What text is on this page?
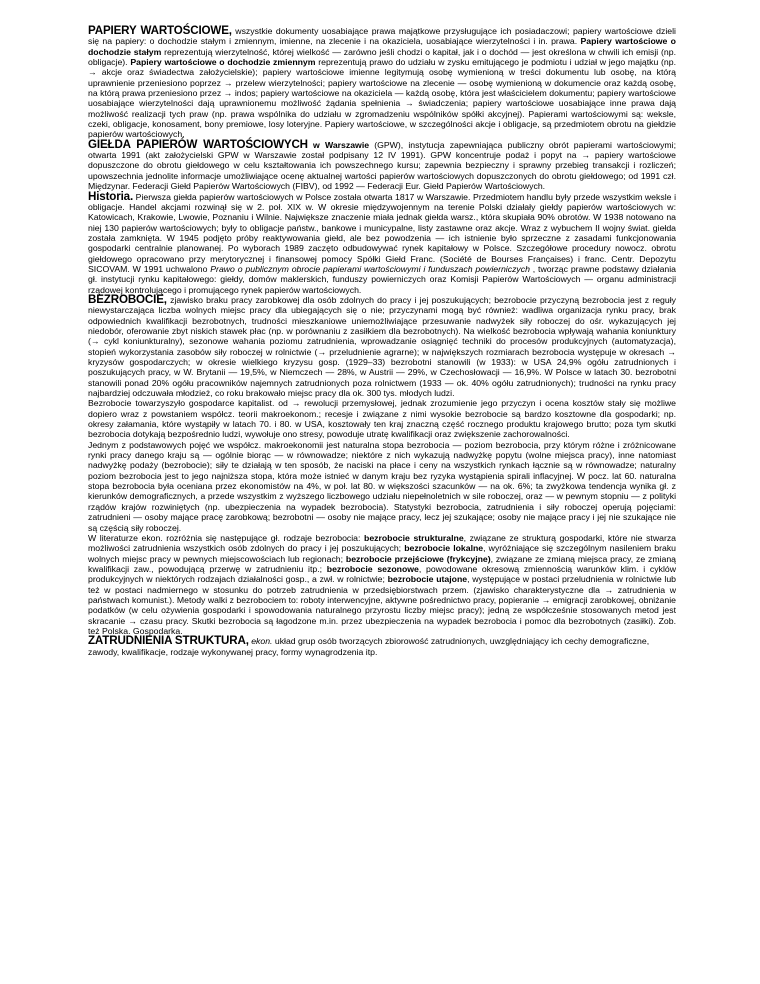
PAPIERY WARTOŚCIOWE, wszystkie dokumenty uosabiające prawa majątkowe przysługujące ich posiadaczowi; papiery wartościowe dzieli się na papiery: o dochodzie stałym i zmiennym, imienne, na zlecenie i na okaziciela, uosabiające wierzytelności i in. prawa. Papiery wartościowe o dochodzie stałym reprezentują wierzytelność, której wielkość — zarówno jeśli chodzi o kapitał, jak i o dochód — jest określona w chwili ich emisji (np. obligacje). Papiery wartościowe o dochodzie zmiennym reprezentują prawo do udziału w zysku emitującego je podmiotu i udział w jego majątku (np. → akcje oraz świadectwa założycielskie); papiery wartościowe imienne legitymują osobę wymienioną w treści dokumentu lub osobę, na którą uprawnienie przeniesiono poprzez → przelew wierzytelności; papiery wartościowe na zlecenie — osobę wymienioną w dokumencie oraz każdą osobę, na którą prawa przeniesiono przez → indos; papiery wartościowe na okaziciela — każdą osobę, która jest właścicielem dokumentu; papiery wartościowe uosabiające wierzytelności dają uprawnionemu możliwość żądania spełnienia → świadczenia; papiery wartościowe uosabiające inne prawa dają możliwość realizacji tych praw (np. prawa wspólnika do udziału w zgromadzeniu wspólników spółki akcyjnej). Papierami wartościowymi są: weksle, czeki, obligacje, konosament, bony premiowe, losy loteryjne. Papiery wartościowe, w szczególności akcje i obligacje, są przedmiotem obrotu na giełdzie papierów wartościowych.

GIEŁDA PAPIERÓW WARTOŚCIOWYCH w Warszawie (GPW), instytucja zapewniająca publiczny obrót papierami wartościowymi; otwarta 1991 (akt założycielski GPW w Warszawie został podpisany 12 IV 1991). GPW koncentruje podaż i popyt na → papiery wartościowe dopuszczone do obrotu giełdowego w celu kształtowania ich powszechnego kursu; zapewnia bezpieczny i sprawny przebieg transakcji i rozliczeń; upowszechnia jednolite informacje umożliwiające ocenę aktualnej wartości papierów wartościowych dopuszczonych do obrotu giełdowego; od 1991 czł. Międzynar. Federacji Giełd Papierów Wartościowych (FIBV), od 1992 — Federacji Eur. Giełd Papierów Wartościowych.

Historia. Pierwsza giełda papierów wartościowych w Polsce została otwarta 1817 w Warszawie. Przedmiotem handlu były przede wszystkim weksle i obligacje. Handel akcjami rozwinął się w 2. poł. XIX w. W okresie międzywojennym na terenie Polski działały giełdy papierów wartościowych w: Katowicach, Krakowie, Lwowie, Poznaniu i Wilnie. Największe znaczenie miała jednak giełda warsz., która skupiała 90% obrotów. W 1938 notowano na niej 130 papierów wartościowych; były to obligacje państw., bankowe i municypalne, listy zastawne oraz akcje. Wraz z wybuchem II wojny świat. giełda została zamknięta. W 1945 podjęto próby reaktywowania giełd, ale bez powodzenia — ich istnienie było sprzeczne z zasadami funkcjonowania gospodarki centralnie planowanej. Po wyborach 1989 zaczęto odbudowywać rynek kapitałowy w Polsce. Szczegółowe procedury nowocz. obrotu giełdowego opracowano przy merytorycznej i finansowej pomocy Spółki Giełd Franc. (Société de Bourses Françaises) i franc. Centr. Depozytu SICOVAM. W 1991 uchwalono Prawo o publicznym obrocie papierami wartościowymi i funduszach powierniczych , tworząc prawne podstawy działania gł. instytucji rynku kapitałowego: giełdy, domów maklerskich, funduszy powierniczych oraz Komisji Papierów Wartościowych — organu administracji rządowej kontrolującego i promującego rynek papierów wartościowych.

BEZROBOCIE, zjawisko braku pracy zarobkowej dla osób zdolnych do pracy i jej poszukujących; bezrobocie przyczyną bezrobocia jest z reguły niewystarczająca liczba wolnych miejsc pracy dla ubiegających się o nie; przyczynami mogą być również: wadliwa organizacja rynku pracy, brak odpowiednich kwalifikacji bezrobotnych, trudności mieszkaniowe uniemożliwiające przesuwanie nadwyżek siły roboczej do ośr. wykazujących jej niedobór, oferowanie zbyt niskich stawek płac (np. w porównaniu z zasiłkiem dla bezrobotnych). Na wielkość bezrobocia wpływają wahania koniunktury (→ cykl koniunkturalny), sezonowe wahania poziomu zatrudnienia, wprowadzanie osiągnięć techniki do procesów produkcyjnych (automatyzacja), stopień wykorzystania zasobów siły roboczej w rolnictwie (→ przeludnienie agrarne); w największych rozmiarach bezrobocia występuje w okresach → kryzysów gospodarczych; w okresie wielkiego kryzysu gosp. (1929–33) bezrobotni stanowili (w 1933): w USA 24,9% ogółu zatrudnionych i poszukujących pracy, w W. Brytanii — 19,5%, w Niemczech — 28%, w Austrii — 29%, w Czechosłowacji — 16,9%. W Polsce w latach 30. bezrobotni stanowili ponad 20% ogółu pracowników najemnych zatrudnionych poza rolnictwem (1933 — ok. 40% ogółu zatrudnionych); trudności na rynku pracy najbardziej odczuwała młodzież, co roku brakowało miejsc pracy dla ok. 300 tys. młodych ludzi.

Bezrobocie towarzyszyło gospodarce kapitalist. od → rewolucji przemysłowej, jednak zrozumienie jego przyczyn i ocena kosztów stały się możliwe dopiero wraz z powstaniem współcz. teorii makroekonom.; recesje i związane z nimi wysokie bezrobocie są bardzo kosztowne dla gospodarki; np. okresy załamania, które wystąpiły w latach 70. i 80. w USA, kosztowały ten kraj znaczną część rocznego produktu krajowego brutto; poza tym skutki bezrobocia dotykają bezpośrednio ludzi, wywołuje ono stresy, powoduje utratę kwalifikacji oraz zwiększenie zachorowalności.

Jednym z podstawowych pojęć we współcz. makroekonomii jest naturalna stopa bezrobocia — poziom bezrobocia, przy którym różne i zróżnicowane rynki pracy danego kraju są — ogólnie biorąc — w równowadze; niektóre z nich wykazują nadwyżkę popytu (wolne miejsca pracy), inne natomiast nadwyżkę podaży (bezrobocie); siły te działają w ten sposób, że naciski na płace i ceny na wszystkich rynkach łącznie są w równowadze; naturalny poziom bezrobocia jest to jego najniższa stopa, która może istnieć w danym kraju bez ryzyka wystąpienia spirali inflacyjnej. W pocz. lat 60. naturalna stopa bezrobocia była oceniana przez ekonomistów na 4%, w poł. lat 80. w większości szacunków — na ok. 6%; ta zwyżkowa tendencja wynika gł. z kierunków demograficznych, a przede wszystkim z wyższego liczbowego udziału niepełnoletnich w sile roboczej, oraz — w pewnym stopniu — z polityki rządów krajów rozwiniętych (np. ubezpieczenia na wypadek bezrobocia). Statystyki bezrobocia, zatrudnienia i siły roboczej operują pojęciami: zatrudnieni — osoby mające pracę zarobkową; bezrobotni — osoby nie mające pracy, lecz jej szukające; osoby nie mające pracy i jej nie szukające nie są częścią siły roboczej.

W literaturze ekon. rozróżnia się następujące gł. rodzaje bezrobocia: bezrobocie strukturalne, związane ze strukturą gospodarki, które nie stwarza możliwości zatrudnienia wszystkich osób zdolnych do pracy i jej poszukujących; bezrobocie lokalne, wyróżniające się szczególnym nasileniem braku wolnych miejsc pracy w pewnych miejscowościach lub regionach; bezrobocie przejściowe (frykcyjne), związane ze zmianą miejsca pracy, ze zmianą kwalifikacji zaw., powodującą przerwę w zatrudnieniu itp.; bezrobocie sezonowe, powodowane okresową zmiennością warunków klim. i cyklów produkcyjnych w niektórych rodzajach działalności gosp., a zwł. w rolnictwie; bezrobocie utajone, występujące w postaci przeludnienia w rolnictwie lub też w postaci nadmiernego w stosunku do potrzeb zatrudnienia w przedsiębiorstwach przem. (zjawisko charakterystyczne dla → zatrudnienia w państwach komunist.). Metody walki z bezrobociem to: roboty interwencyjne, aktywne pośrednictwo pracy, popieranie → emigracji zarobkowej, obniżanie podatków (w celu ożywienia gospodarki i spowodowania naturalnego przyrostu liczby miejsc pracy); jedną ze współcześnie stosowanych metod jest skracanie → czasu pracy. Skutki bezrobocia są łagodzone m.in. przez ubezpieczenia na wypadek bezrobocia i pomoc dla bezrobotnych (zasiłki). Zob. też Polska. Gospodarka.

ZATRUDNIENIA STRUKTURA, ekon. układ grup osób tworzących zbiorowość zatrudnionych, uwzględniający ich cechy demograficzne, zawody, kwalifikacje, rodzaje wykonywanej pracy, formy wynagrodzenia itp.
